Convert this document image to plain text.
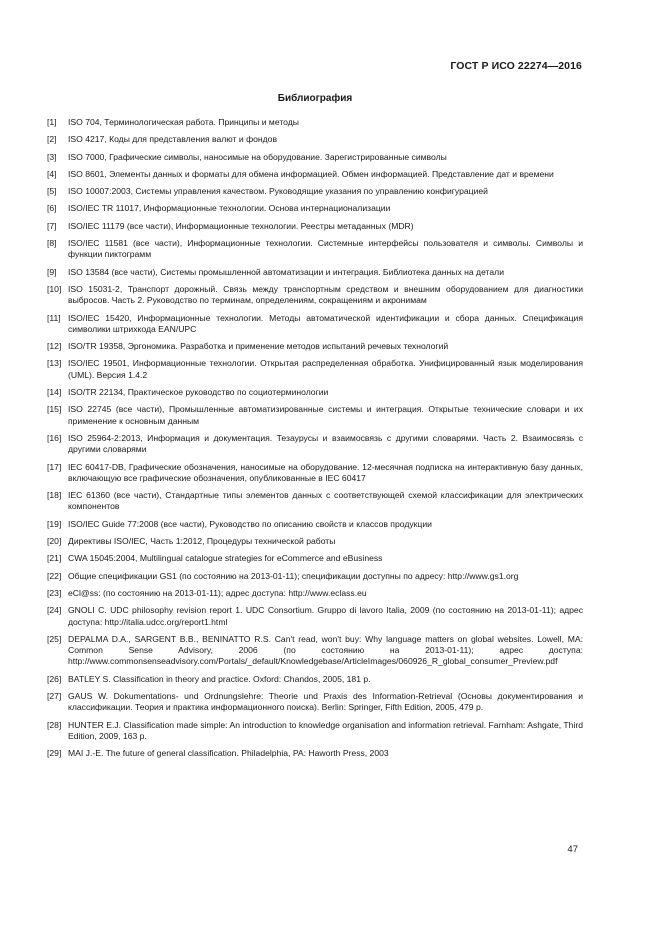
ГОСТ Р ИСО 22274—2016
Библиография
[1]	ISO 704, Терминологическая работа. Принципы и методы
[2]	ISO 4217, Коды для представления валют и фондов
[3]	ISO 7000, Графические символы, наносимые на оборудование. Зарегистрированные символы
[4]	ISO 8601, Элементы данных и форматы для обмена информацией. Обмен информацией. Представление дат и времени
[5]	ISO 10007:2003, Системы управления качеством. Руководящие указания по управлению конфигурацией
[6]	ISO/IEC TR 11017, Информационные технологии. Основа интернационализации
[7]	ISO/IEC 11179 (все части), Информационные технологии. Реестры метаданных (MDR)
[8]	ISO/IEC 11581 (все части), Информационные технологии. Системные интерфейсы пользователя и символы. Символы и функции пиктограмм
[9]	ISO 13584 (все части), Системы промышленной автоматизации и интеграция. Библиотека данных на детали
[10] ISO 15031-2, Транспорт дорожный. Связь между транспортным средством и внешним оборудованием для диагностики выбросов. Часть 2. Руководство по терминам, определениям, сокращениям и акронимам
[11] ISO/IEC 15420, Информационные технологии. Методы автоматической идентификации и сбора данных. Спецификация символики штрихкода EAN/UPC
[12] ISO/TR 19358, Эргономика. Разработка и применение методов испытаний речевых технологий
[13] ISO/IEC 19501, Информационные технологии. Открытая распределенная обработка. Унифицированный язык моделирования (UML). Версия 1.4.2
[14] ISO/TR 22134, Практическое руководство по социотерминологии
[15] ISO 22745 (все части), Промышленные автоматизированные системы и интеграция. Открытые технические словари и их применение к основным данным
[16] ISO 25964-2:2013, Информация и документация. Тезаурусы и взаимосвязь с другими словарями. Часть 2. Взаимосвязь с другими словарями
[17] IEC 60417-DB, Графические обозначения, наносимые на оборудование. 12-месячная подписка на интерактивную базу данных, включающую все графические обозначения, опубликованные в IEC 60417
[18] IEC 61360 (все части), Стандартные типы элементов данных с соответствующей схемой классификации для электрических компонентов
[19] ISO/IEC Guide 77:2008 (все части), Руководство по описанию свойств и классов продукции
[20] Директивы ISO/IEC, Часть 1:2012, Процедуры технической работы
[21] CWA 15045:2004, Multilingual catalogue strategies for eCommerce and eBusiness
[22] Общие спецификации GS1 (по состоянию на 2013-01-11); спецификации доступны по адресу: http://www.gs1.org
[23] eCl@ss: (по состоянию на 2013-01-11); адрес доступа: http://www.eclass.eu
[24] GNOLI C. UDC philosophy revision report 1. UDC Consortium. Gruppo di lavoro Italia, 2009 (по состоянию на 2013-01-11); адрес доступа: http://italia.udcc.org/report1.html
[25] DEPALMA D.A., SARGENT B.B., BENINATTO R.S. Can't read, won't buy: Why language matters on global websites. Lowell, MA: Common Sense Advisory, 2006 (по состоянию на 2013-01-11); адрес доступа: http://www.commonsenseadvisory.com/Portals/_default/Knowledgebase/ArticleImages/060926_R_global_consumer_Preview.pdf
[26] BATLEY S. Classification in theory and practice. Oxford: Chandos, 2005, 181 p.
[27] GAUS W. Dokumentations- und Ordnungslehre: Theorie und Praxis des Information-Retrieval (Основы документирования и классификации. Теория и практика информационного поиска). Berlin: Springer, Fifth Edition, 2005, 479 p.
[28] HUNTER E.J. Classification made simple: An introduction to knowledge organisation and information retrieval. Farnham: Ashgate, Third Edition, 2009, 163 p.
[29] MAI J.-E. The future of general classification. Philadelphia, PA: Haworth Press, 2003
47
